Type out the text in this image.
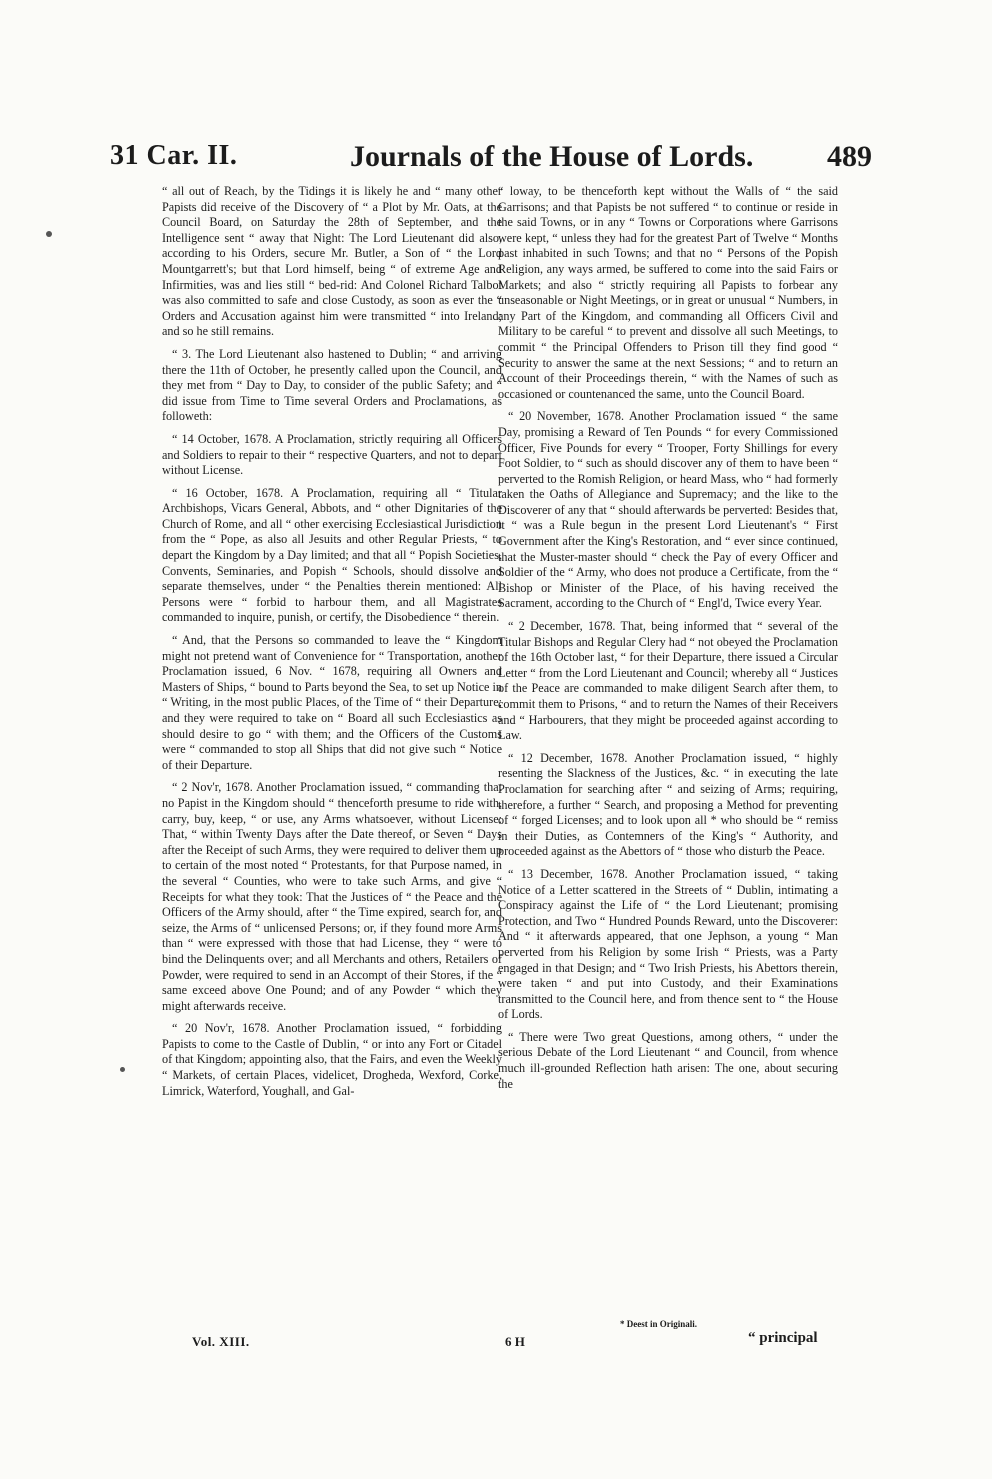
31 Car. II.	Journals of the House of Lords. 489

“ all out of Reach, by the Tidings it is likely he and “ many other Papists did receive of the Discovery of “ a Plot by Mr. Oats, at the Council Board, on Saturday the 28th of September, and the Intelligence sent “ away that Night: The Lord Lieutenant did also, according to his Orders, secure Mr. Butler, a Son of “ the Lord Mountgarrett's; but that Lord himself, being “ of extreme Age and Infirmities, was and lies still “ bed-rid: And Colonel Richard Talbot was also committed to safe and close Custody, as soon as ever the “ Orders and Accusation against him were transmitted “ into Ireland; and so he still remains.

“ 3. The Lord Lieutenant also hastened to Dublin; “ and arriving there the 11th of October, he presently called upon the Council, and they met from “ Day to Day, to consider of the public Safety; and “ did issue from Time to Time several Orders and Proclamations, as followeth:

“ 14 October, 1678. A Proclamation, strictly requiring all Officers and Soldiers to repair to their “ respective Quarters, and not to depart without License.

“ 16 October, 1678. A Proclamation, requiring all “ Titular Archbishops, Vicars General, Abbots, and “ other Dignitaries of the Church of Rome, and all “ other exercising Ecclesiastical Jurisdiction from the “ Pope, as also all Jesuits and other Regular Priests, “ to depart the Kingdom by a Day limited; and that all “ Popish Societies, Convents, Seminaries, and Popish “ Schools, should dissolve and separate themselves, under “ the Penalties therein mentioned: All Persons were “ forbid to harbour them, and all Magistrates commanded to inquire, punish, or certify, the Disobedience “ therein.

“ And, that the Persons so commanded to leave the “ Kingdom might not pretend want of Convenience for “ Transportation, another Proclamation issued, 6 Nov. “ 1678, requiring all Owners and Masters of Ships, “ bound to Parts beyond the Sea, to set up Notice in “ Writing, in the most public Places, of the Time of “ their Departure; and they were required to take on “ Board all such Ecclesiastics as should desire to go “ with them; and the Officers of the Customs were “ commanded to stop all Ships that did not give such “ Notice of their Departure.

“ 2 Nov'r, 1678. Another Proclamation issued, “ commanding that no Papist in the Kingdom should “ thenceforth presume to ride with, carry, buy, keep, “ or use, any Arms whatsoever, without License: That, “ within Twenty Days after the Date thereof, or Seven “ Days after the Receipt of such Arms, they were required to deliver them up to certain of the most noted “ Protestants, for that Purpose named, in the several “ Counties, who were to take such Arms, and give “ Receipts for what they took: That the Justices of “ the Peace and the Officers of the Army should, after “ the Time expired, search for, and seize, the Arms of “ unlicensed Persons; or, if they found more Arms than “ were expressed with those that had License, they “ were to bind the Delinquents over; and all Merchants and others, Retailers of Powder, were required to send in an Accompt of their Stores, if the “ same exceed above One Pound; and of any Powder “ which they might afterwards receive.

“ 20 Nov'r, 1678. Another Proclamation issued, “ forbidding Papists to come to the Castle of Dublin, “ or into any Fort or Citadel of that Kingdom; appointing also, that the Fairs, and even the Weekly “ Markets, of certain Places, videlicet, Drogheda, Wexford, Corke, Limrick, Waterford, Youghall, and Gal-

“ loway, to be thenceforth kept without the Walls of “ the said Garrisons; and that Papists be not suffered “ to continue or reside in the said Towns, or in any “ Towns or Corporations where Garrisons were kept, “ unless they had for the greatest Part of Twelve “ Months past inhabited in such Towns; and that no “ Persons of the Popish Religion, any ways armed, be suffered to come into the said Fairs or Markets; and also “ strictly requiring all Papists to forbear any unseasonable or Night Meetings, or in great or unusual “ Numbers, in any Part of the Kingdom, and commanding all Officers Civil and Military to be careful “ to prevent and dissolve all such Meetings, to commit “ the Principal Offenders to Prison till they find good “ Security to answer the same at the next Sessions; “ and to return an Account of their Proceedings therein, “ with the Names of such as occasioned or countenanced the same, unto the Council Board.

“ 20 November, 1678. Another Proclamation issued “ the same Day, promising a Reward of Ten Pounds “ for every Commissioned Officer, Five Pounds for every “ Trooper, Forty Shillings for every Foot Soldier, to “ such as should discover any of them to have been “ perverted to the Romish Religion, or heard Mass, who “ had formerly taken the Oaths of Allegiance and Supremacy; and the like to the Discoverer of any that “ should afterwards be perverted: Besides that, it “ was a Rule begun in the present Lord Lieutenant's “ First Government after the King's Restoration, and “ ever since continued, that the Muster-master should “ check the Pay of every Officer and Soldier of the “ Army, who does not produce a Certificate, from the “ Bishop or Minister of the Place, of his having received the Sacrament, according to the Church of “ Engl'd, Twice every Year.

“ 2 December, 1678. That, being informed that “ several of the Titular Bishops and Regular Clery had “ not obeyed the Proclamation of the 16th October last, “ for their Departure, there issued a Circular Letter “ from the Lord Lieutenant and Council; whereby all “ Justices of the Peace are commanded to make diligent Search after them, to commit them to Prisons, “ and to return the Names of their Receivers and “ Harbourers, that they might be proceeded against according to Law.

“ 12 December, 1678. Another Proclamation issued, “ highly resenting the Slackness of the Justices, &c. “ in executing the late Proclamation for searching after “ and seizing of Arms; requiring, therefore, a further “ Search, and proposing a Method for preventing of “ forged Licenses; and to look upon all * who should be “ remiss in their Duties, as Contemners of the King's “ Authority, and proceeded against as the Abettors of “ those who disturb the Peace.

“ 13 December, 1678. Another Proclamation issued, “ taking Notice of a Letter scattered in the Streets of “ Dublin, intimating a Conspiracy against the Life of “ the Lord Lieutenant; promising Protection, and Two “ Hundred Pounds Reward, unto the Discoverer: And “ it afterwards appeared, that one Jephson, a young “ Man perverted from his Religion by some Irish “ Priests, was a Party engaged in that Design; and “ Two Irish Priests, his Abettors therein, were taken “ and put into Custody, and their Examinations transmitted to the Council here, and from thence sent to “ the House of Lords.

“ There were Two great Questions, among others, “ under the serious Debate of the Lord Lieutenant “ and Council, from whence much ill-grounded Reflection hath arisen: The one, about securing the

* Deest in Originali.
Vol. XIII.	6 H	“ principal
